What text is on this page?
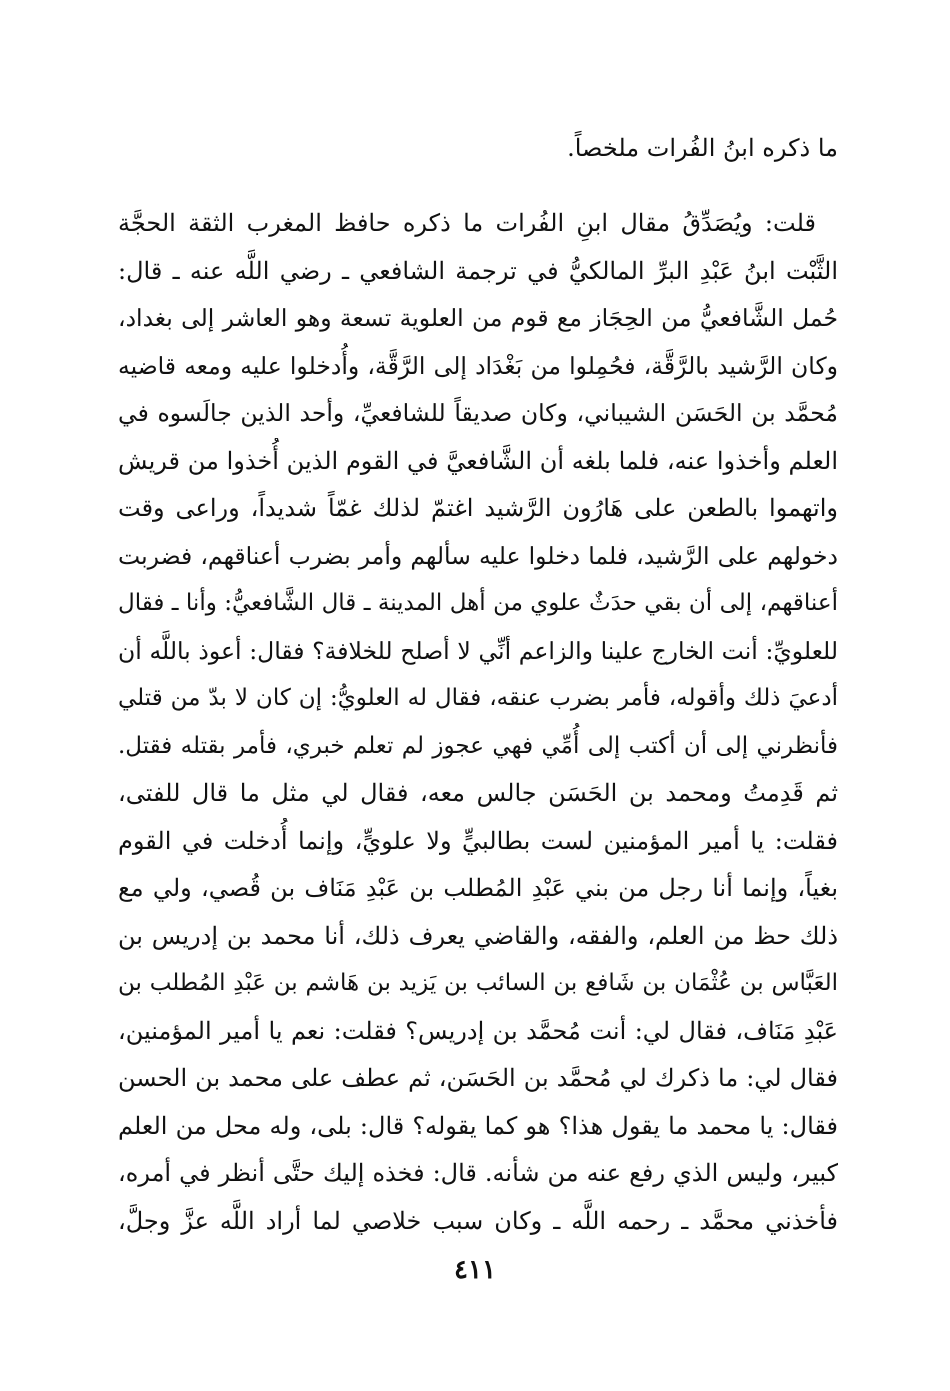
ما ذكره ابنُ الفُرات ملخصاً.
قلت: ويُصَدِّقُ مقال ابنِ الفُرات ما ذكره حافظ المغرب الثقة الحجَّة
الثَّبْت ابنُ عَبْدِ البرِّ المالكيُّ في ترجمة الشافعي ـ رضي اللَّه عنه ـ قال:
حُمل الشَّافعيُّ من الحِجَاز مع قوم من العلوية تسعة وهو العاشر إلى بغداد،
وكان الرَّشيد بالرَّقَّة، فحُمِلوا من بَغْدَاد إلى الرَّقَّة، وأُدخلوا عليه ومعه قاضيه
مُحمَّد بن الحَسَن الشيباني، وكان صديقاً للشافعيِّ، وأحد الذين جالَسوه في
العلم وأخذوا عنه، فلما بلغه أن الشَّافعيَّ في القوم الذين أُخذوا من قريش
واتهموا بالطعن على هَارُون الرَّشيد اغتمّ لذلك غمّاً شديداً، وراعى وقت
دخولهم على الرَّشيد، فلما دخلوا عليه سألهم وأمر بضرب أعناقهم، فضربت
أعناقهم، إلى أن بقي حدَثٌ علوي من أهل المدينة ـ قال الشَّافعيُّ: وأنا ـ فقال
للعلويِّ: أنت الخارج علينا والزاعم أنِّي لا أصلح للخلافة؟ فقال: أعوذ باللَّه أن
أدعيَ ذلك وأقوله، فأمر بضرب عنقه، فقال له العلويُّ: إن كان لا بدّ من قتلي
فأنظرني إلى أن أكتب إلى أُمِّي فهي عجوز لم تعلم خبري، فأمر بقتله فقتل.
ثم قَدِمتُ ومحمد بن الحَسَن جالس معه، فقال لي مثل ما قال للفتى،
فقلت: يا أمير المؤمنين لست بطالبيٍّ ولا علويٍّ، وإنما أُدخلت في القوم
بغياً، وإنما أنا رجل من بني عَبْدِ المُطلب بن عَبْدِ مَنَاف بن قُصي، ولي مع
ذلك حظ من العلم، والفقه، والقاضي يعرف ذلك، أنا محمد بن إدريس بن
العَبَّاس بن عُثْمَان بن شَافع بن السائب بن يَزيد بن هَاشم بن عَبْدِ المُطلب بن
عَبْدِ مَنَاف، فقال لي: أنت مُحمَّد بن إدريس؟ فقلت: نعم يا أمير المؤمنين،
فقال لي: ما ذكرك لي مُحمَّد بن الحَسَن، ثم عطف على محمد بن الحسن
فقال: يا محمد ما يقول هذا؟ هو كما يقوله؟ قال: بلى، وله محل من العلم
كبير، وليس الذي رفع عنه من شأنه. قال: فخذه إليك حتَّى أنظر في أمره،
فأخذني محمَّد ـ رحمه اللَّه ـ وكان سبب خلاصي لما أراد اللَّه عزَّ وجلَّ،
٤١١
